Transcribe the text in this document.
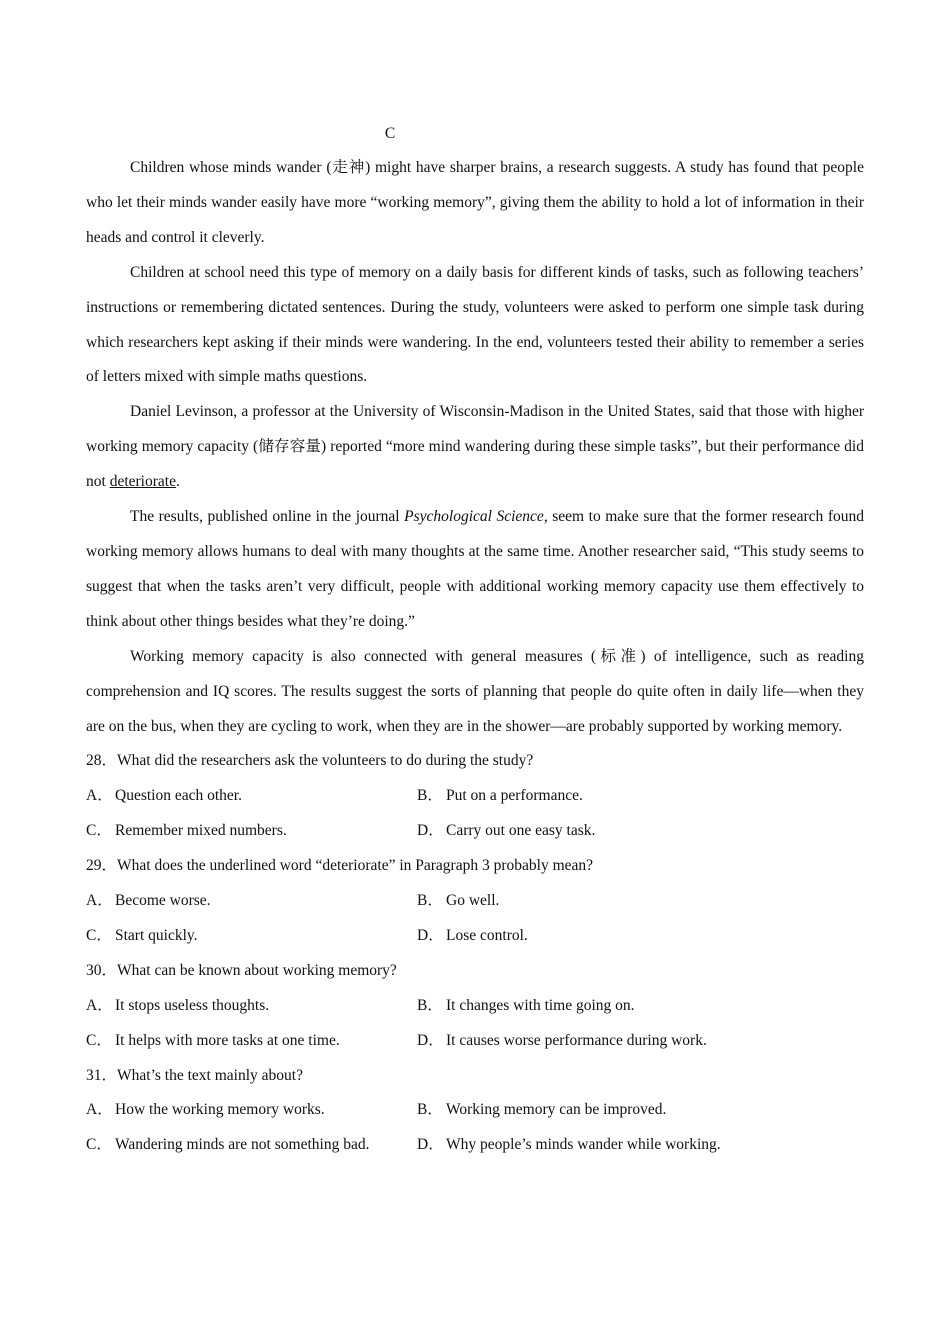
C

Children whose minds wander (走神) might have sharper brains, a research suggests. A study has found that people who let their minds wander easily have more “working memory”, giving them the ability to hold a lot of information in their heads and control it cleverly.

Children at school need this type of memory on a daily basis for different kinds of tasks, such as following teachers’ instructions or remembering dictated sentences. During the study, volunteers were asked to perform one simple task during which researchers kept asking if their minds were wandering. In the end, volunteers tested their ability to remember a series of letters mixed with simple maths questions.

Daniel Levinson, a professor at the University of Wisconsin-Madison in the United States, said that those with higher working memory capacity (储存容量) reported “more mind wandering during these simple tasks”, but their performance did not deteriorate.

The results, published online in the journal Psychological Science, seem to make sure that the former research found working memory allows humans to deal with many thoughts at the same time. Another researcher said, “This study seems to suggest that when the tasks aren’t very difficult, people with additional working memory capacity use them effectively to think about other things besides what they’re doing.”

Working memory capacity is also connected with general measures (标准) of intelligence, such as reading comprehension and IQ scores. The results suggest the sorts of planning that people do quite often in daily life—when they are on the bus, when they are cycling to work, when they are in the shower—are probably supported by working memory.

28．What did the researchers ask the volunteers to do during the study?

A． Question each other.	B． Put on a performance.
C． Remember mixed numbers.	D． Carry out one easy task.

29．What does the underlined word “deteriorate” in Paragraph 3 probably mean?

A． Become worse.	B． Go well.
C． Start quickly.	D． Lose control.

30．What can be known about working memory?

A． It stops useless thoughts.	B． It changes with time going on.
C． It helps with more tasks at one time.	D． It causes worse performance during work.

31．What’s the text mainly about?

A． How the working memory works.	B． Working memory can be improved.
C． Wandering minds are not something bad.	D． Why people’s minds wander while working.
